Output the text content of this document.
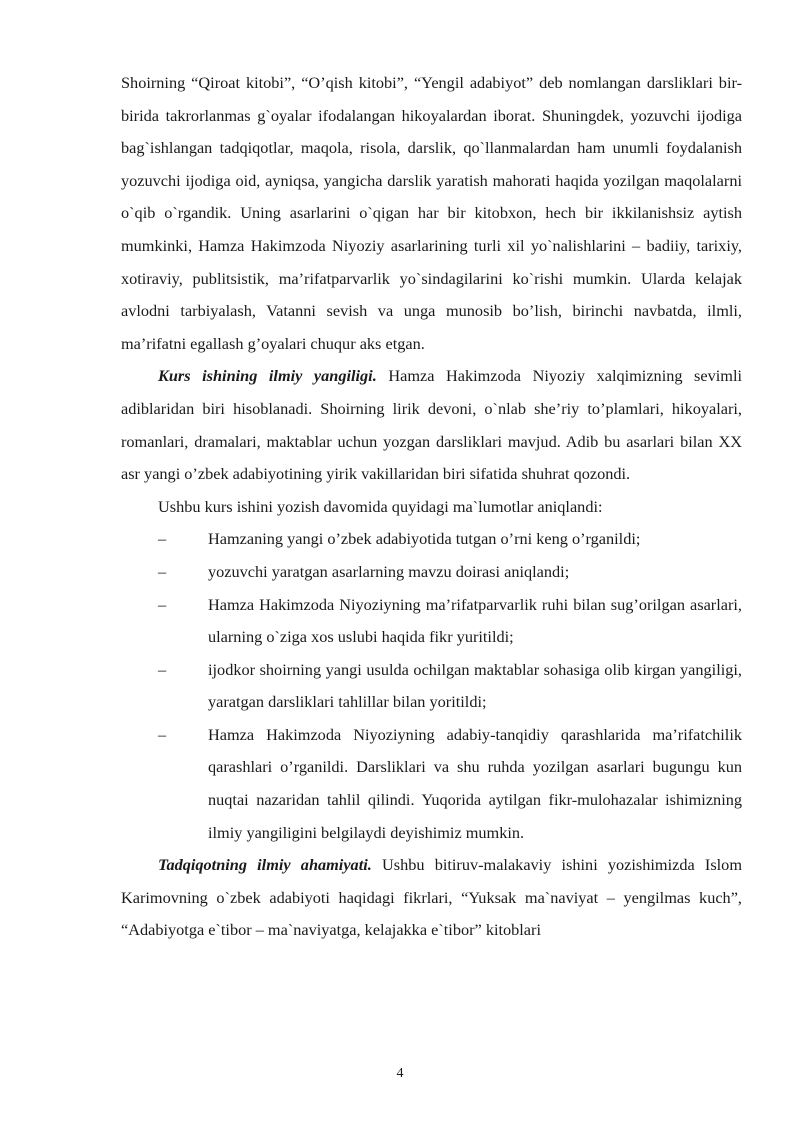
Shoirning “Qiroat kitobi”, “O’qish kitobi”, “Yengil adabiyot” deb nomlangan darsliklari bir-birida takrorlanmas g`oyalar ifodalangan hikoyalardan iborat. Shuningdek, yozuvchi ijodiga bag`ishlangan tadqiqotlar, maqola, risola, darslik, qo`llanmalardan ham unumli foydalanish yozuvchi ijodiga oid, ayniqsa, yangicha darslik yaratish mahorati haqida yozilgan maqolalarni o`qib o`rgandik. Uning asarlarini o`qigan har bir kitobxon, hech bir ikkilanishsiz aytish mumkinki, Hamza Hakimzoda Niyoziy asarlarining turli xil yo`nalishlarini – badiiy, tarixiy, xotiraviy, publitsistik, ma’rifatparvarlik yo`sindagilarini ko`rishi mumkin. Ularda kelajak avlodni tarbiyalash, Vatanni sevish va unga munosib bo’lish, birinchi navbatda, ilmli, ma’rifatni egallash g’oyalari chuqur aks etgan.

Kurs ishining ilmiy yangiligi. Hamza Hakimzoda Niyoziy xalqimizning sevimli adiblaridan biri hisoblanadi. Shoirning lirik devoni, o`nlab she’riy to’plamlari, hikoyalari, romanlari, dramalari, maktablar uchun yozgan darsliklari mavjud. Adib bu asarlari bilan XX asr yangi o’zbek adabiyotining yirik vakillaridan biri sifatida shuhrat qozondi.

Ushbu kurs ishini yozish davomida quyidagi ma`lumotlar aniqlandi:

–	Hamzaning yangi o’zbek adabiyotida tutgan o’rni keng o’rganildi;
–	yozuvchi yaratgan asarlarning mavzu doirasi aniqlandi;
–	Hamza Hakimzoda Niyoziyning ma’rifatparvarlik ruhi bilan sug’orilgan asarlari, ularning o`ziga xos uslubi haqida fikr yuritildi;
–	ijodkor shoirning yangi usulda ochilgan maktablar sohasiga olib kirgan yangiligi, yaratgan darsliklari tahlillar bilan yoritildi;
–	Hamza Hakimzoda Niyoziyning adabiy-tanqidiy qarashlarida ma’rifatchilik qarashlari o’rganildi. Darsliklari va shu ruhda yozilgan asarlari bugungu kun nuqtai nazaridan tahlil qilindi. Yuqorida aytilgan fikr-mulohazalar ishimizning ilmiy yangiligini belgilaydi deyishimiz mumkin.

Tadqiqotning ilmiy ahamiyati. Ushbu bitiruv-malakaviy ishini yozishimizda Islom Karimovning o`zbek adabiyoti haqidagi fikrlari, “Yuksak ma`naviyat – yengilmas kuch”, “Adabiyotga e`tibor – ma`naviyatga, kelajakka e`tibor” kitoblari

4
